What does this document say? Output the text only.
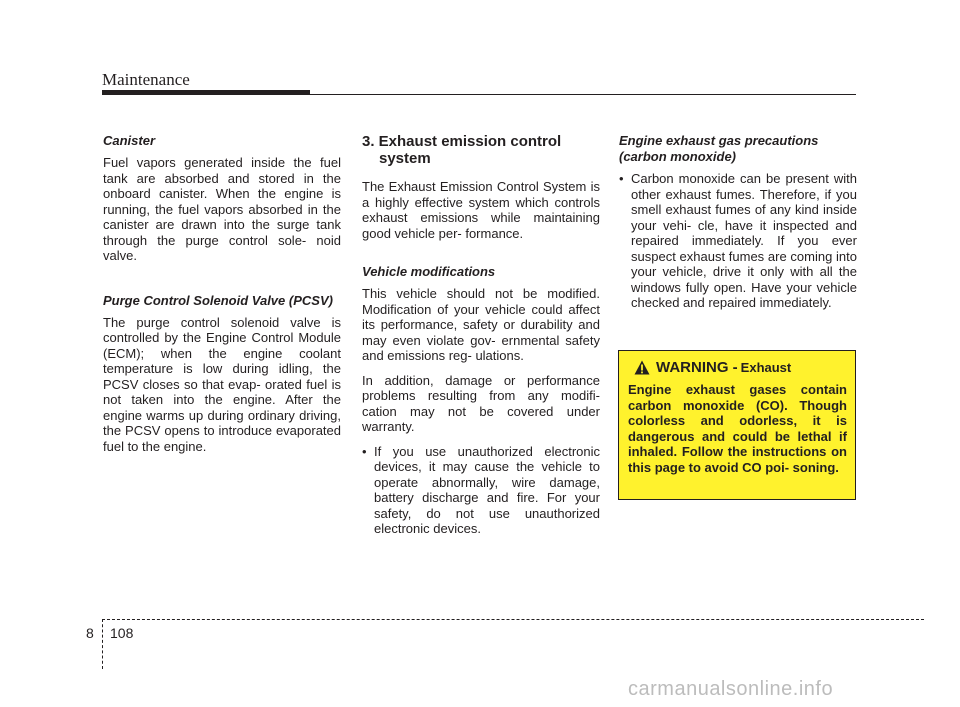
Maintenance

Canister

Fuel vapors generated inside the fuel tank are absorbed and stored in the onboard canister. When the engine is running, the fuel vapors absorbed in the canister are drawn into the surge tank through the purge control sole- noid valve.

Purge Control Solenoid Valve (PCSV)

The purge control solenoid valve is controlled by the Engine Control Module (ECM); when the engine coolant temperature is low during idling, the PCSV closes so that evap- orated fuel is not taken into the engine. After the engine warms up during ordinary driving, the PCSV opens to introduce evaporated fuel to the engine.

3. Exhaust emission control system

The Exhaust Emission Control System is a highly effective system which controls exhaust emissions while maintaining good vehicle per- formance.

Vehicle modifications

This vehicle should not be modified. Modification of your vehicle could affect its performance, safety or durability and may even violate gov- ernmental safety and emissions reg- ulations.

In addition, damage or performance problems resulting from any modifi- cation may not be covered under warranty.

• If you use unauthorized electronic devices, it may cause the vehicle to operate abnormally, wire damage, battery discharge and fire. For your safety, do not use unauthorized electronic devices.

Engine exhaust gas precautions (carbon monoxide)

• Carbon monoxide can be present with other exhaust fumes. Therefore, if you smell exhaust fumes of any kind inside your vehi- cle, have it inspected and repaired immediately. If you ever suspect exhaust fumes are coming into your vehicle, drive it only with all the windows fully open. Have your vehicle checked and repaired immediately.
WARNING - Exhaust

Engine exhaust gases contain carbon monoxide (CO). Though colorless and odorless, it is dangerous and could be lethal if inhaled. Follow the instructions on this page to avoid CO poi- soning.

8 108
carmanualsonline.info
